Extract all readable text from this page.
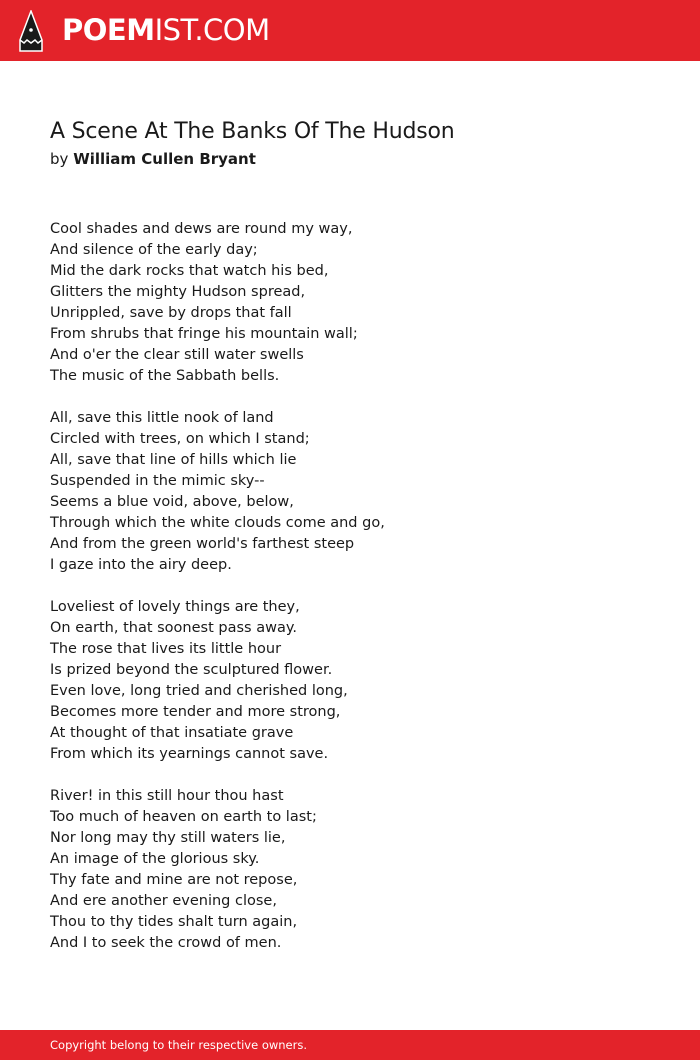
POEMIST.COM
A Scene At The Banks Of The Hudson
by William Cullen Bryant
Cool shades and dews are round my way,
And silence of the early day;
Mid the dark rocks that watch his bed,
Glitters the mighty Hudson spread,
Unrippled, save by drops that fall
From shrubs that fringe his mountain wall;
And o'er the clear still water swells
The music of the Sabbath bells.
All, save this little nook of land
Circled with trees, on which I stand;
All, save that line of hills which lie
Suspended in the mimic sky--
Seems a blue void, above, below,
Through which the white clouds come and go,
And from the green world's farthest steep
I gaze into the airy deep.
Loveliest of lovely things are they,
On earth, that soonest pass away.
The rose that lives its little hour
Is prized beyond the sculptured flower.
Even love, long tried and cherished long,
Becomes more tender and more strong,
At thought of that insatiate grave
From which its yearnings cannot save.
River! in this still hour thou hast
Too much of heaven on earth to last;
Nor long may thy still waters lie,
An image of the glorious sky.
Thy fate and mine are not repose,
And ere another evening close,
Thou to thy tides shalt turn again,
And I to seek the crowd of men.
Copyright belong to their respective owners.
